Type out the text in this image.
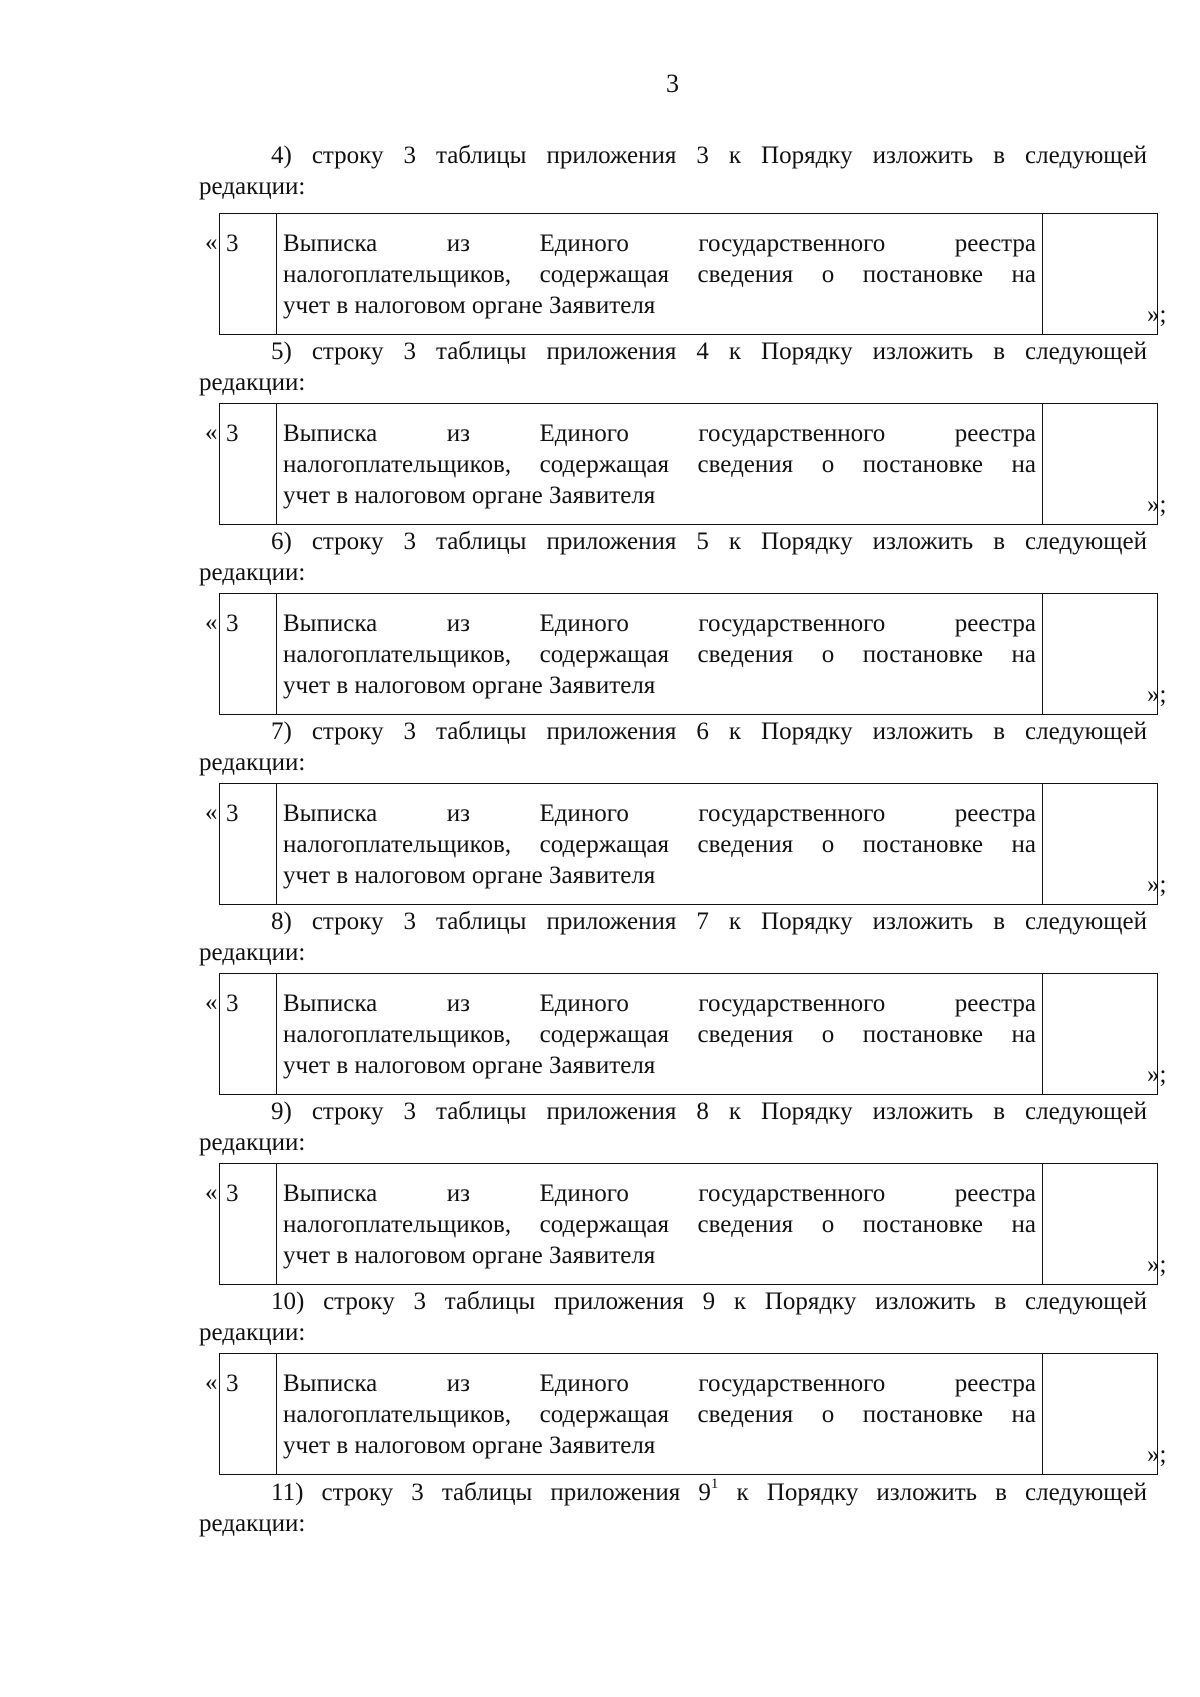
3
4) строку 3 таблицы приложения 3 к Порядку изложить в следующей
редакции:
« 3	Выписка из Единого государственного реестра
налогоплательщиков, содержащая сведения о постановке на
учет в налоговом органе Заявителя
		»;
5) строку 3 таблицы приложения 4 к Порядку изложить в следующей
редакции:
« 3	Выписка из Единого государственного реестра
налогоплательщиков, содержащая сведения о постановке на
учет в налоговом органе Заявителя
		»;
6) строку 3 таблицы приложения 5 к Порядку изложить в следующей
редакции:
« 3	Выписка из Единого государственного реестра
налогоплательщиков, содержащая сведения о постановке на
учет в налоговом органе Заявителя
		»;
7) строку 3 таблицы приложения 6 к Порядку изложить в следующей
редакции:
« 3	Выписка из Единого государственного реестра
налогоплательщиков, содержащая сведения о постановке на
учет в налоговом органе Заявителя
		»;
8) строку 3 таблицы приложения 7 к Порядку изложить в следующей
редакции:
« 3	Выписка из Единого государственного реестра
налогоплательщиков, содержащая сведения о постановке на
учет в налоговом органе Заявителя
		»;
9) строку 3 таблицы приложения 8 к Порядку изложить в следующей
редакции:
« 3	Выписка из Единого государственного реестра
налогоплательщиков, содержащая сведения о постановке на
учет в налоговом органе Заявителя
		»;
10) строку 3 таблицы приложения 9 к Порядку изложить в следующей
редакции:
« 3	Выписка из Единого государственного реестра
налогоплательщиков, содержащая сведения о постановке на
учет в налоговом органе Заявителя
		»;
11) строку 3 таблицы приложения $9^1$ к Порядку изложить в следующей
редакции:
